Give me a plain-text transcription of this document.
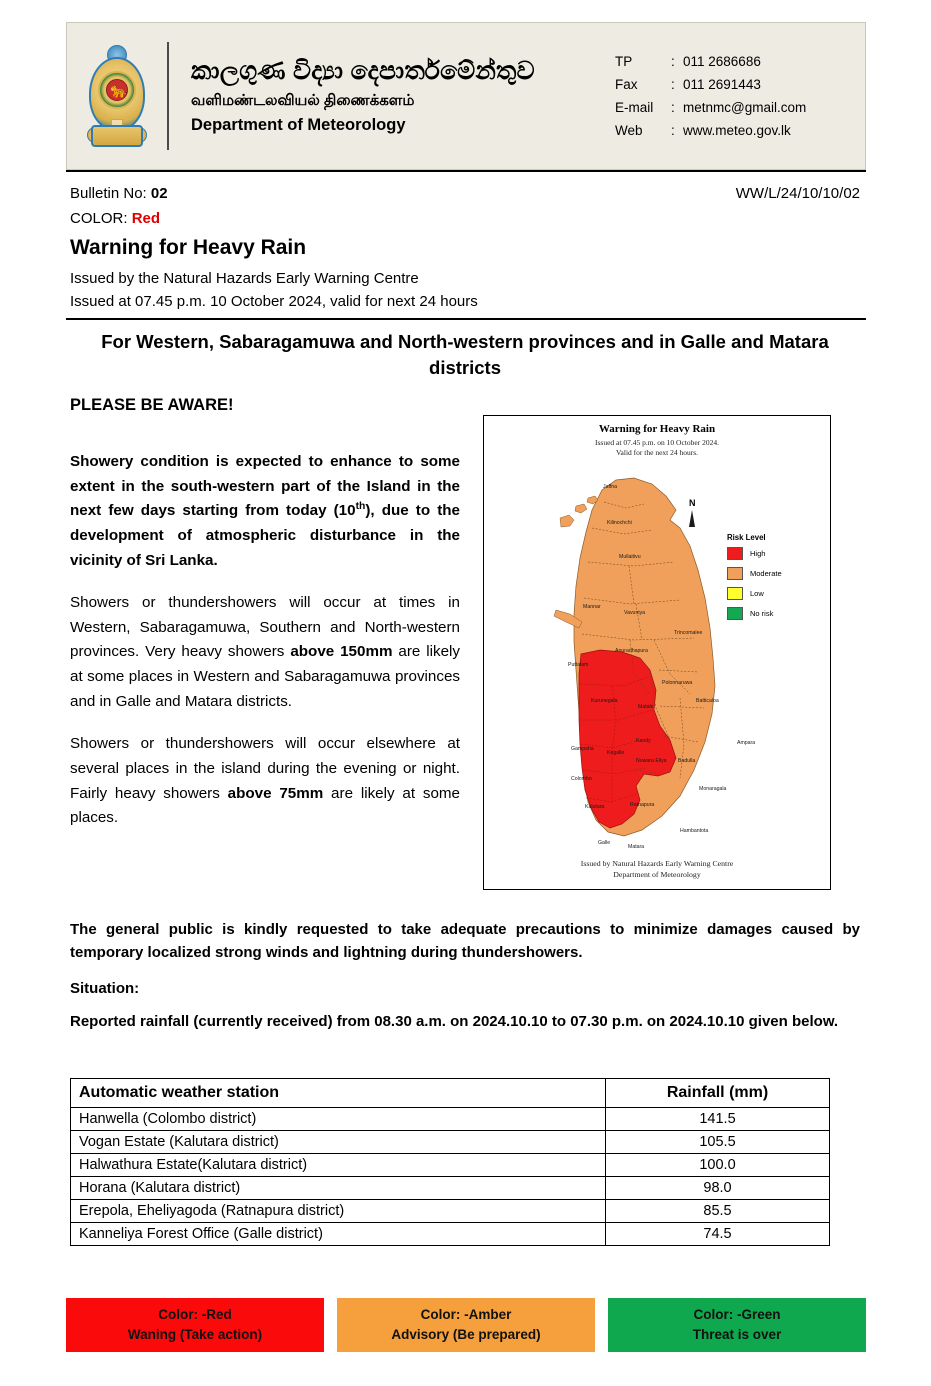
🐆
කාලගුණ විද්‍යා දෙපාර්තමේන්තුව
வளிமண்டலவியல் திணைக்களம்
Department of Meteorology
TP	: 011 2686686
Fax	: 011 2691443
E-mail	: metnmc@gmail.com
Web	: www.meteo.gov.lk
Bulletin No: 02	WW/L/24/10/10/02
COLOR: Red
Warning for Heavy Rain
Issued by the Natural Hazards Early Warning Centre
Issued at 07.45 p.m. 10 October 2024, valid for next 24 hours
For Western, Sabaragamuwa and North-western provinces and in Galle and Matara districts
PLEASE BE AWARE!

Showery condition is expected to enhance to some extent in the south-western part of the Island in the next few days starting from today (10th), due to the development of atmospheric disturbance in the vicinity of Sri Lanka.

Showers or thundershowers will occur at times in Western, Sabaragamuwa, Southern and North-western provinces. Very heavy showers above 150mm are likely at some places in Western and Sabaragamuwa provinces and in Galle and Matara districts.

Showers or thundershowers will occur elsewhere at several places in the island during the evening or night. Fairly heavy showers above 75mm are likely at some places.

Warning for Heavy Rain
Issued at 07.45 p.m. on 10 October 2024.
Valid for the next 24 hours.
Jaffna
Kilinochchi
Mullaitivu
Mannar
Vavuniya
Anuradhapura
Trincomalee
Polonnaruwa
Batticaloa
Matale
Kandy	Ampara
Nuwara Eliya Badulla
Monaragala
Hambantota
Puttalam
Kurunegala
Gampaha
Kegalle
Colombo
Kalutara	Ratnapura
Galle
Matara
N
Risk Level
High
Moderate
Low
No risk
Issued by Natural Hazards Early Warning Centre
Department of Meteorology
The general public is kindly requested to take adequate precautions to minimize damages caused by temporary localized strong winds and lightning during thundershowers.
Situation:
Reported rainfall (currently received) from 08.30 a.m. on 2024.10.10 to 07.30 p.m. on 2024.10.10 given below.
Automatic weather station	Rainfall (mm)
Hanwella (Colombo district)	141.5
Vogan Estate (Kalutara district)	105.5
Halwathura Estate(Kalutara district)	100.0
Horana (Kalutara district)	98.0
Erepola, Eheliyagoda (Ratnapura district)	85.5
Kanneliya Forest Office (Galle district)	74.5
Color: -Red
Waning (Take action)
Color: -Amber
Advisory (Be prepared)
Color: -Green
Threat is over
